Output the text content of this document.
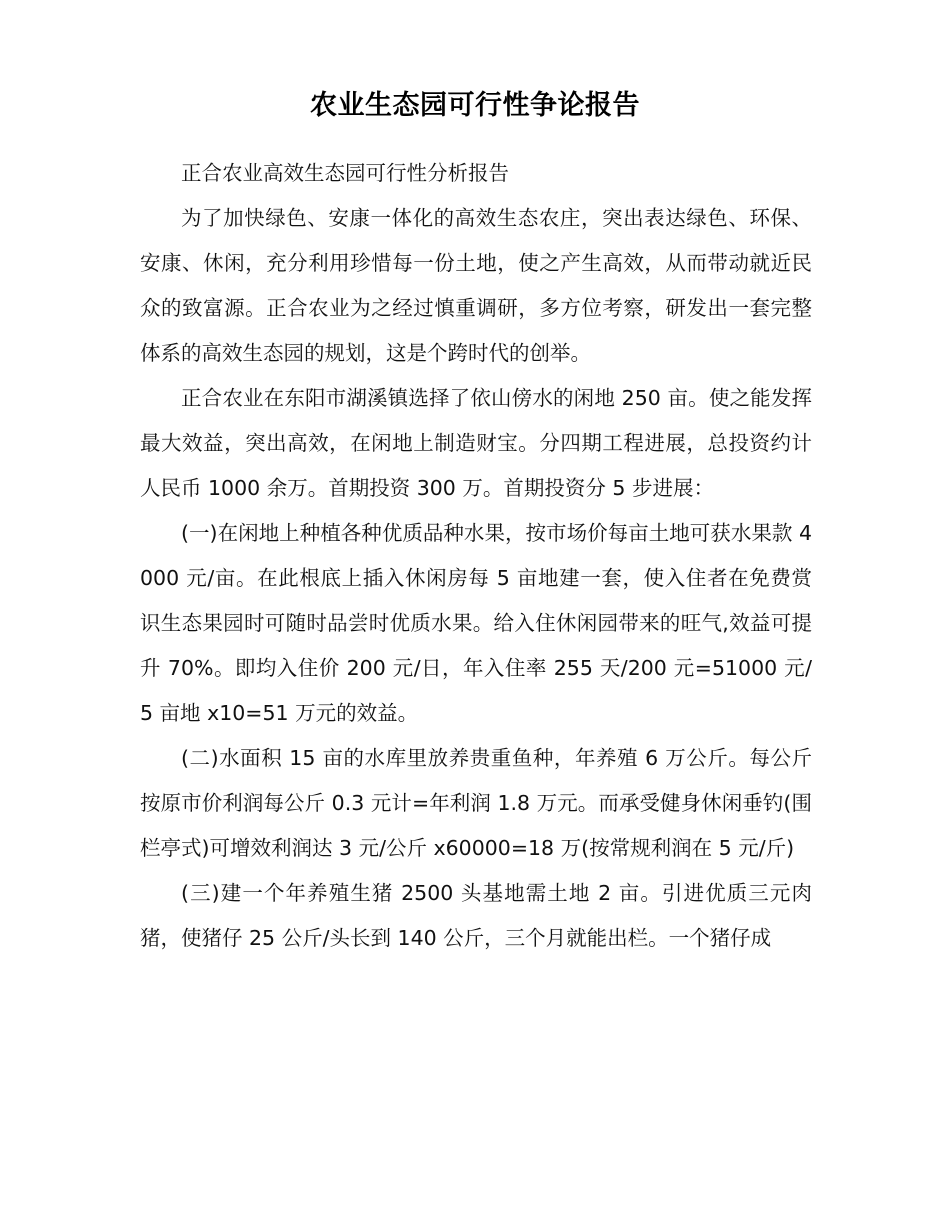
农业生态园可行性争论报告

正合农业高效生态园可行性分析报告

为了加快绿色、安康一体化的高效生态农庄，突出表达绿色、环保、安康、休闲，充分利用珍惜每一份土地，使之产生高效，从而带动就近民众的致富源。正合农业为之经过慎重调研，多方位考察，研发出一套完整体系的高效生态园的规划，这是个跨时代的创举。

正合农业在东阳市湖溪镇选择了依山傍水的闲地 250 亩。使之能发挥最大效益，突出高效，在闲地上制造财宝。分四期工程进展，总投资约计人民币 1000 余万。首期投资 300 万。首期投资分 5 步进展：

(一)在闲地上种植各种优质品种水果，按市场价每亩土地可获水果款 4000 元/亩。在此根底上插入休闲房每 5 亩地建一套，使入住者在免费赏识生态果园时可随时品尝时优质水果。给入住休闲园带来的旺气,效益可提升 70%。即均入住价 200 元/日，年入住率 255 天/200 元=51000 元/5 亩地 x10=51 万元的效益。

(二)水面积 15 亩的水库里放养贵重鱼种，年养殖 6 万公斤。每公斤按原市价利润每公斤 0.3 元计=年利润 1.8 万元。而承受健身休闲垂钓(围栏亭式)可增效利润达 3 元/公斤 x60000=18 万(按常规利润在 5 元/斤)

(三)建一个年养殖生猪 2500 头基地需土地 2 亩。引进优质三元肉猪，使猪仔 25 公斤/头长到 140 公斤，三个月就能出栏。一个猪仔成
